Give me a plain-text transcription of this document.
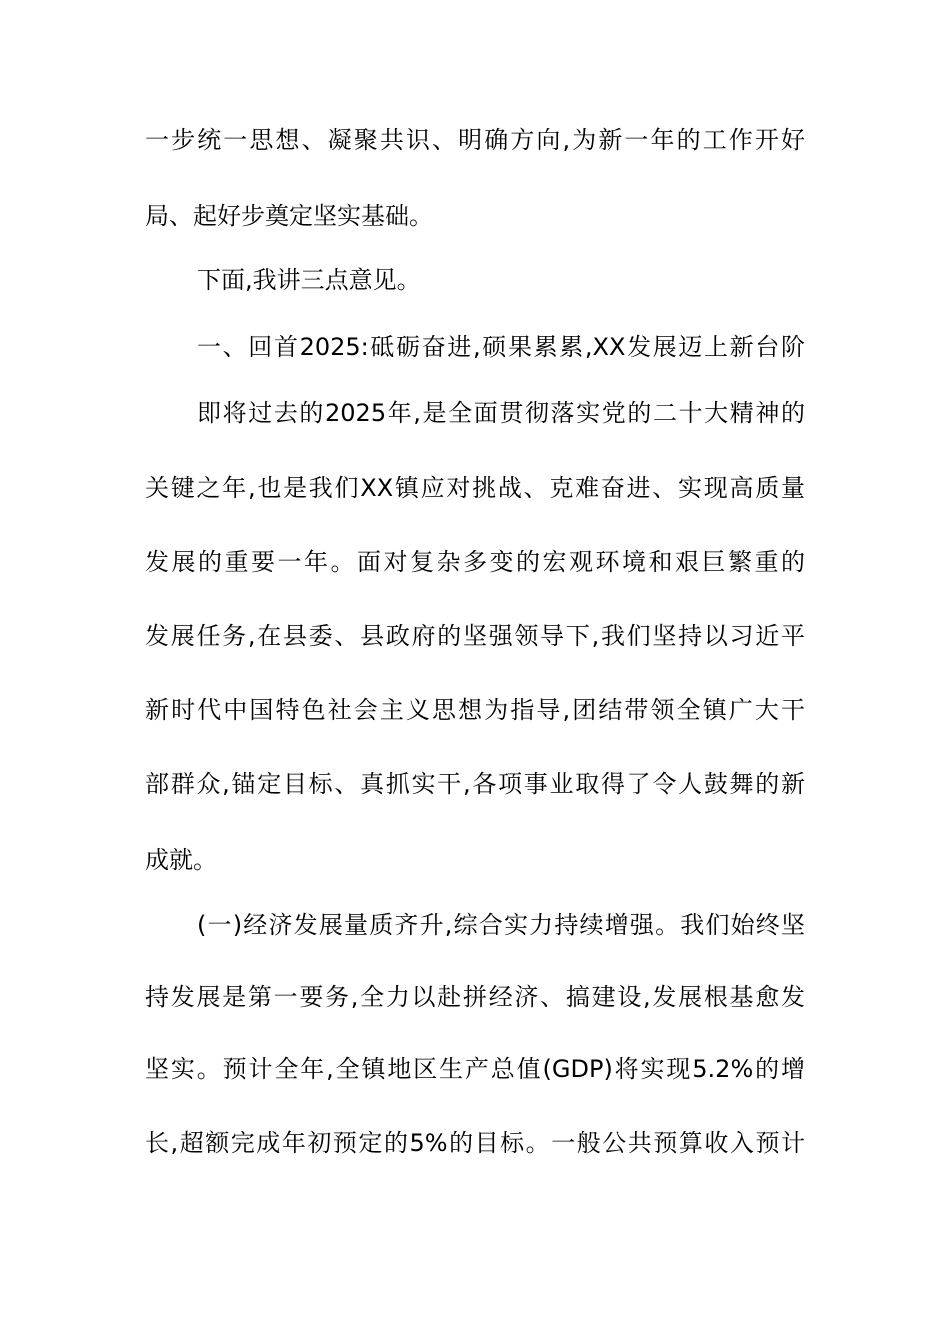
一步统一思想、凝聚共识、明确方向,为新一年的工作开好
局、起好步奠定坚实基础。
下面,我讲三点意见。
一、回首2025:砥砺奋进,硕果累累,XX发展迈上新台阶
即将过去的2025年,是全面贯彻落实党的二十大精神的
关键之年,也是我们XX镇应对挑战、克难奋进、实现高质量
发展的重要一年。面对复杂多变的宏观环境和艰巨繁重的
发展任务,在县委、县政府的坚强领导下,我们坚持以习近平
新时代中国特色社会主义思想为指导,团结带领全镇广大干
部群众,锚定目标、真抓实干,各项事业取得了令人鼓舞的新
成就。
(一)经济发展量质齐升,综合实力持续增强。我们始终坚
持发展是第一要务,全力以赴拼经济、搞建设,发展根基愈发
坚实。预计全年,全镇地区生产总值(GDP)将实现5.2%的增
长,超额完成年初预定的5%的目标。一般公共预算收入预计
